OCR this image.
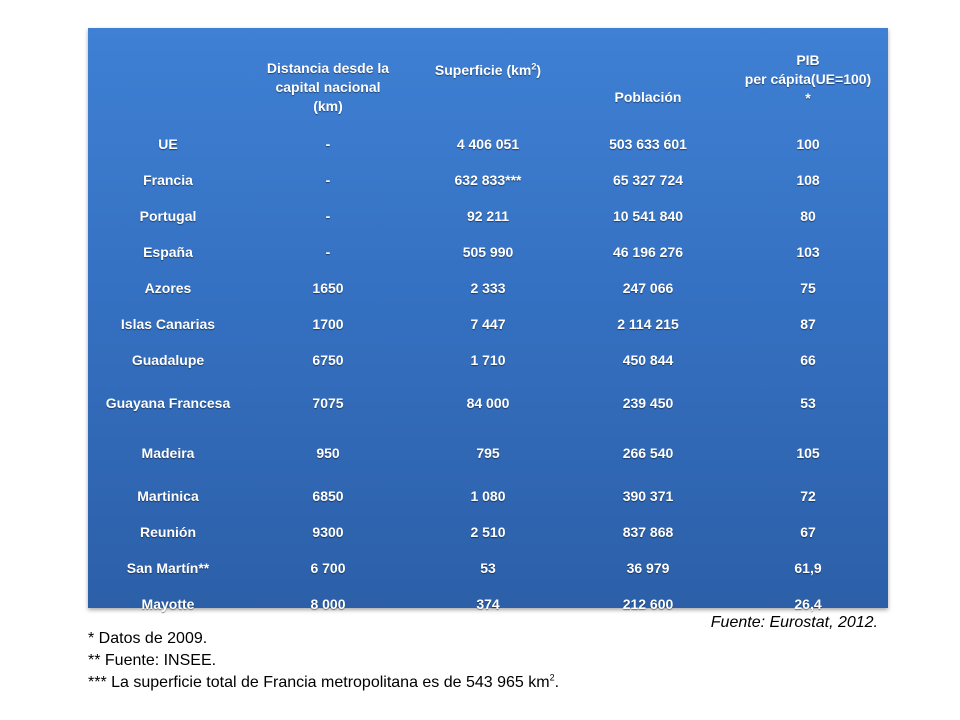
	Distancia desde la
capital nacional
(km)	Superficie $(km^2)$	Población	PIB
per cápita(UE=100)
*

UE	-	4 406 051	503 633 601	100
Francia	-	632 833***	65 327 724	108
Portugal	-	92 211	10 541 840	80
España	-	505 990	46 196 276	103
Azores	1650	2 333	247 066	75
Islas Canarias	1700	7 447	2 114 215	87
Guadalupe	6750	1 710	450 844	66
Guayana Francesa	7075	84 000	239 450	53
Madeira	950	795	266 540	105
Martinica	6850	1 080	390 371	72
Reunión	9300	2 510	837 868	67
San Martín**	6 700	53	36 979	61,9
Mayotte	8 000	374	212 600	26,4
Fuente: Eurostat, 2012.
* Datos de 2009.
** Fuente: INSEE.
*** La superficie total de Francia metropolitana es de 543 965 $km^2$.
